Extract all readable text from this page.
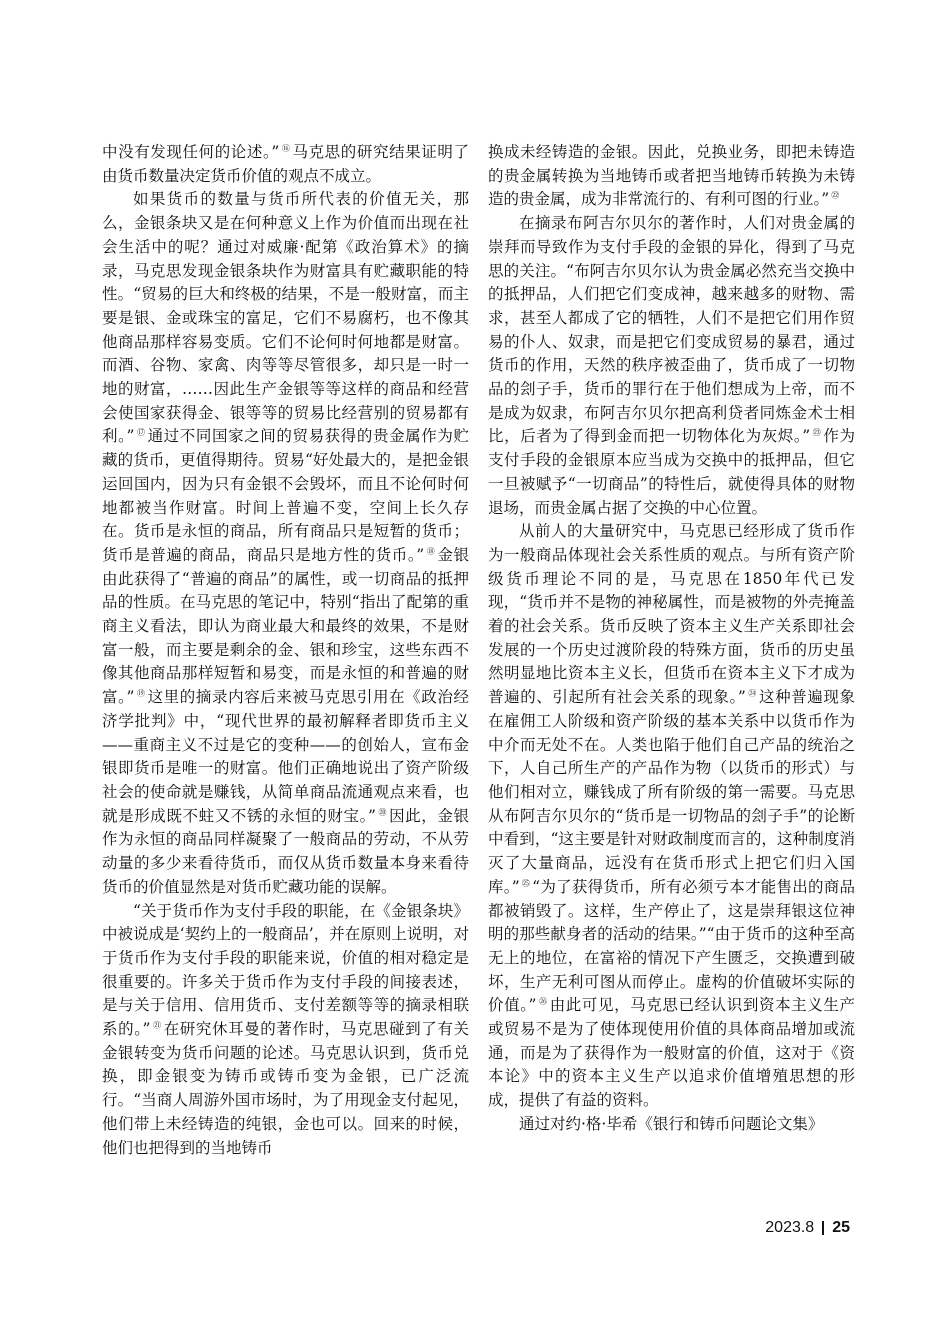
中没有发现任何的论述。” ⑯ 马克思的研究结果证明了由货币数量决定货币价值的观点不成立。

如果货币的数量与货币所代表的价值无关，那么，金银条块又是在何种意义上作为价值而出现在社会生活中的呢？通过对威廉·配第《政治算术》的摘录，马克思发现金银条块作为财富具有贮藏职能的特性。“贸易的巨大和终极的结果，不是一般财富，而主要是银、金或珠宝的富足，它们不易腐朽，也不像其他商品那样容易变质。它们不论何时何地都是财富。而酒、谷物、家禽、肉等等尽管很多，却只是一时一地的财富，……因此生产金银等等这样的商品和经营会使国家获得金、银等等的贸易比经营别的贸易都有利。” ⑰ 通过不同国家之间的贸易获得的贵金属作为贮藏的货币，更值得期待。贸易“好处最大的，是把金银运回国内，因为只有金银不会毁坏，而且不论何时何地都被当作财富。时间上普遍不变，空间上长久存在。货币是永恒的商品，所有商品只是短暂的货币；货币是普遍的商品，商品只是地方性的货币。” ⑱ 金银由此获得了“普遍的商品”的属性，或一切商品的抵押品的性质。在马克思的笔记中，特别“指出了配第的重商主义看法，即认为商业最大和最终的效果，不是财富一般，而主要是剩余的金、银和珍宝，这些东西不像其他商品那样短暂和易变，而是永恒的和普遍的财富。” ⑲ 这里的摘录内容后来被马克思引用在《政治经济学批判》中，“现代世界的最初解释者即货币主义——重商主义不过是它的变种——的创始人，宣布金银即货币是唯一的财富。他们正确地说出了资产阶级社会的使命就是赚钱，从简单商品流通观点来看，也就是形成既不蛀又不锈的永恒的财宝。” ⑳ 因此，金银作为永恒的商品同样凝聚了一般商品的劳动，不从劳动量的多少来看待货币，而仅从货币数量本身来看待货币的价值显然是对货币贮藏功能的误解。

“关于货币作为支付手段的职能，在《金银条块》中被说成是‘契约上的一般商品’，并在原则上说明，对于货币作为支付手段的职能来说，价值的相对稳定是很重要的。许多关于货币作为支付手段的间接表述，是与关于信用、信用货币、支付差额等等的摘录相联系的。” $^㉑$ 在研究休耳曼的著作时，马克思碰到了有关金银转变为货币问题的论述。马克思认识到，货币兑换，即金银变为铸币或铸币变为金银，已广泛流行。“当商人周游外国市场时，为了用现金支付起见，他们带上未经铸造的纯银，金也可以。回来的时候，他们也把得到的当地铸币

换成未经铸造的金银。因此，兑换业务，即把未铸造的贵金属转换为当地铸币或者把当地铸币转换为未铸造的贵金属，成为非常流行的、有利可图的行业。” $^㉒$

在摘录布阿吉尔贝尔的著作时，人们对贵金属的崇拜而导致作为支付手段的金银的异化，得到了马克思的关注。“布阿吉尔贝尔认为贵金属必然充当交换中的抵押品，人们把它们变成神，越来越多的财物、需求，甚至人都成了它的牺牲，人们不是把它们用作贸易的仆人、奴隶，而是把它们变成贸易的暴君，通过货币的作用，天然的秩序被歪曲了，货币成了一切物品的刽子手，货币的罪行在于他们想成为上帝，而不是成为奴隶，布阿吉尔贝尔把高利贷者同炼金术士相比，后者为了得到金而把一切物体化为灰烬。” $^㉓$ 作为支付手段的金银原本应当成为交换中的抵押品，但它一旦被赋予“一切商品”的特性后，就使得具体的财物退场，而贵金属占据了交换的中心位置。

从前人的大量研究中，马克思已经形成了货币作为一般商品体现社会关系性质的观点。与所有资产阶级货币理论不同的是，马克思在1850年代已发现，“货币并不是物的神秘属性，而是被物的外壳掩盖着的社会关系。货币反映了资本主义生产关系即社会发展的一个历史过渡阶段的特殊方面，货币的历史虽然明显地比资本主义长，但货币在资本主义下才成为普遍的、引起所有社会关系的现象。” $^㉔$ 这种普遍现象在雇佣工人阶级和资产阶级的基本关系中以货币作为中介而无处不在。人类也陷于他们自己产品的统治之下，人自己所生产的产品作为物（以货币的形式）与他们相对立，赚钱成了所有阶级的第一需要。马克思从布阿吉尔贝尔的“货币是一切物品的刽子手”的论断中看到，“这主要是针对财政制度而言的，这种制度消灭了大量商品，远没有在货币形式上把它们归入国库。” $^㉕$ “为了获得货币，所有必须亏本才能售出的商品都被销毁了。这样，生产停止了，这是崇拜银这位神明的那些献身者的活动的结果。”“由于货币的这种至高无上的地位，在富裕的情况下产生匮乏，交换遭到破坏，生产无利可图从而停止。虚构的价值破坏实际的价值。” $^㉖$ 由此可见，马克思已经认识到资本主义生产或贸易不是为了使体现使用价值的具体商品增加或流通，而是为了获得作为一般财富的价值，这对于《资本论》中的资本主义生产以追求价值增殖思想的形成，提供了有益的资料。

通过对约·格·毕希《银行和铸币问题论文集》

2023.8 25
